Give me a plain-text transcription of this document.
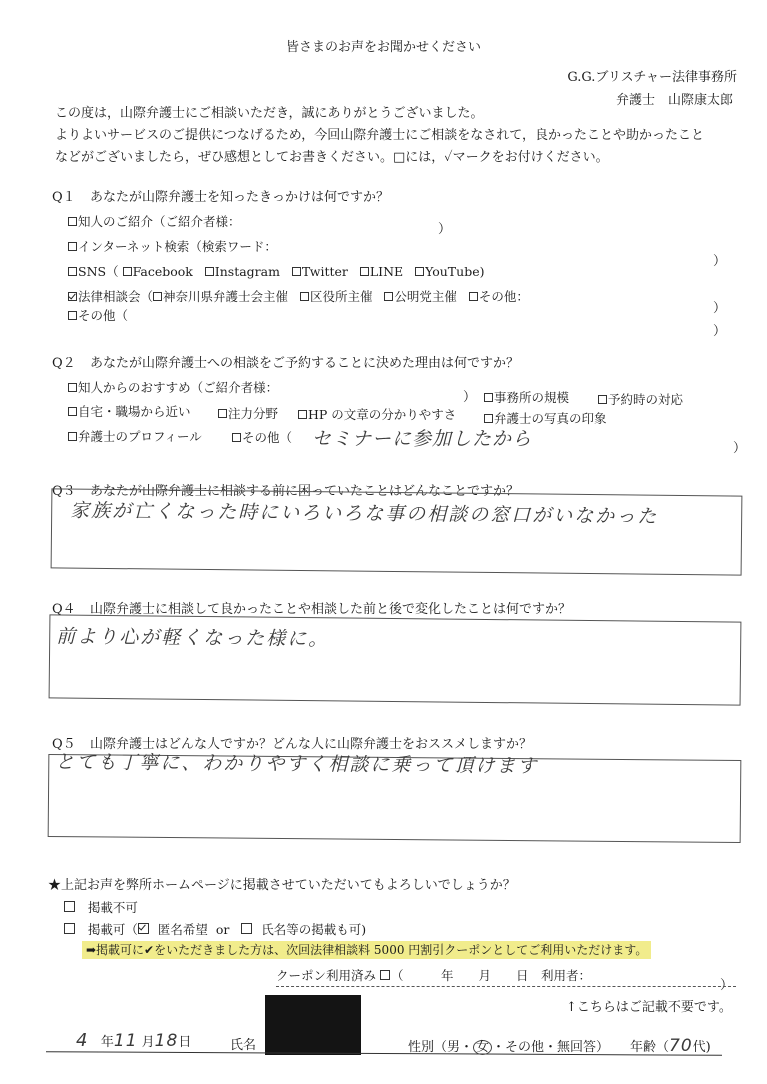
皆さまのお声をお聞かせください
G.G.ブリスチャー法律事務所
弁護士　山際康太郎
この度は，山際弁護士にご相談いただき，誠にありがとうございました。
よりよいサービスのご提供につなげるため，今回山際弁護士にご相談をなされて，良かったことや助かったこと
などがございましたら，ぜひ感想としてお書きください。□には，✓マークをお付けください。
Q１ あなたが山際弁護士を知ったきっかけは何ですか？
知人のご紹介（ご紹介者様：
）
インターネット検索（検索ワード：
）
SNS（ Facebook Instagram Twitter LINE YouTube)
法律相談会（ 神奈川県弁護士会主催 区役所主催 公明党主催 その他：
）
その他（
）
Q２ あなたが山際弁護士への相談をご予約することに決めた理由は何ですか？
知人からのおすすめ（ご紹介者様：
）	事務所の規模	予約時の対応
自宅・職場から近い	注力分野	HP の文章の分かりやすさ	弁護士の写真の印象
弁護士のプロフィール	その他（ セミナーに参加したから	）
Q３ あなたが山際弁護士に相談する前に困っていたことはどんなことですか？
家族が亡くなった時にいろいろな事の相談の窓口がいなかった
Q４ 山際弁護士に相談して良かったことや相談した前と後で変化したことは何ですか？
前より心が軽くなった様に。
Q５ 山際弁護士はどんな人ですか？どんな人に山際弁護士をおススメしますか？
とても丁寧に、わかりやすく相談に乗って頂けます
★上記お声を弊所ホームページに掲載させていただいてもよろしいでしょうか？
掲載不可
掲載可（ 匿名希望 or	氏名等の掲載も可)
➡掲載可に✔をいただきました方は、次回法律相談料 5000 円割引クーポンとしてご利用いただけます。
クーポン利用済み （　　　年　　月　　日　利用者：
）
↑こちらはご記載不要です。
4 年11 月18日	氏名	性別（男・ 女 ・その他・無回答） 年齢（70代)
